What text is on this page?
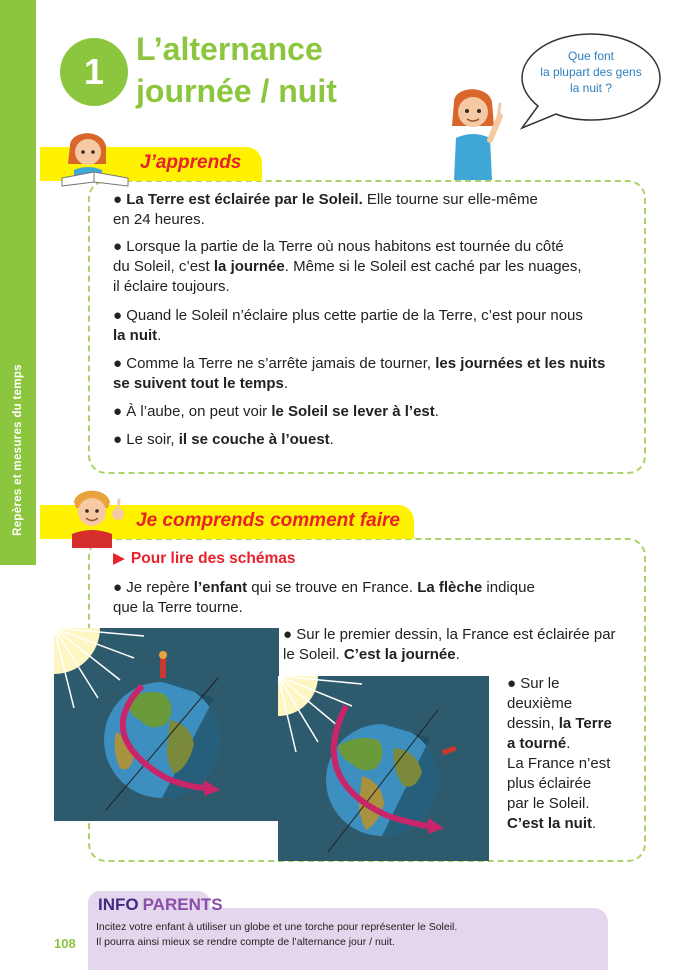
Repères et mesures du temps
1
L’alternance
journée / nuit
Que font
la plupart des gens
la nuit ?
J’apprends
● La Terre est éclairée par le Soleil. Elle tourne sur elle-même
en 24 heures.
● Lorsque la partie de la Terre où nous habitons est tournée du côté
du Soleil, c’est la journée. Même si le Soleil est caché par les nuages,
il éclaire toujours.
● Quand le Soleil n’éclaire plus cette partie de la Terre, c’est pour nous
la nuit.
● Comme la Terre ne s’arrête jamais de tourner, les journées et les nuits
se suivent tout le temps.
● À l’aube, on peut voir le Soleil se lever à l’est.
● Le soir, il se couche à l’ouest.
Je comprends comment faire
▶ Pour lire des schémas
● Je repère l’enfant qui se trouve en France. La flèche indique
que la Terre tourne.
● Sur le premier dessin, la France est éclairée par
le Soleil. C’est la journée.
● Sur le
deuxième
dessin, la Terre
a tourné.
La France n’est
plus éclairée
par le Soleil.
C’est la nuit.
INFO PARENTS
Incitez votre enfant à utiliser un globe et une torche pour représenter le Soleil.
Il pourra ainsi mieux se rendre compte de l’alternance jour / nuit.
108
